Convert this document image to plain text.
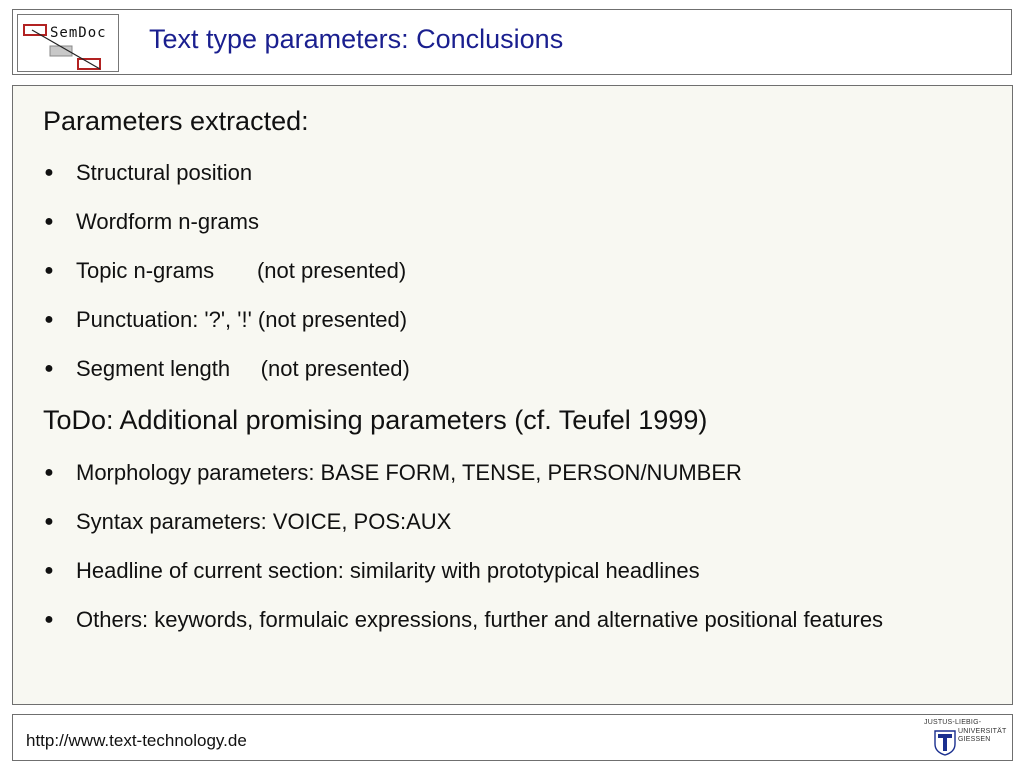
SemDoc Text type parameters: Conclusions
Parameters extracted:
● Structural position
● Wordform n-grams
● Topic n-grams       (not presented)
● Punctuation: '?', '!' (not presented)
● Segment length     (not presented)
ToDo: Additional promising parameters (cf. Teufel 1999)
● Morphology parameters: BASE FORM, TENSE, PERSON/NUMBER
● Syntax parameters: VOICE, POS:AUX
● Headline of current section: similarity with prototypical headlines
● Others: keywords, formulaic expressions, further and alternative positional features
http://www.text-technology.de
JUSTUS-LIEBIG-
UNIVERSITÄT
GIESSEN
